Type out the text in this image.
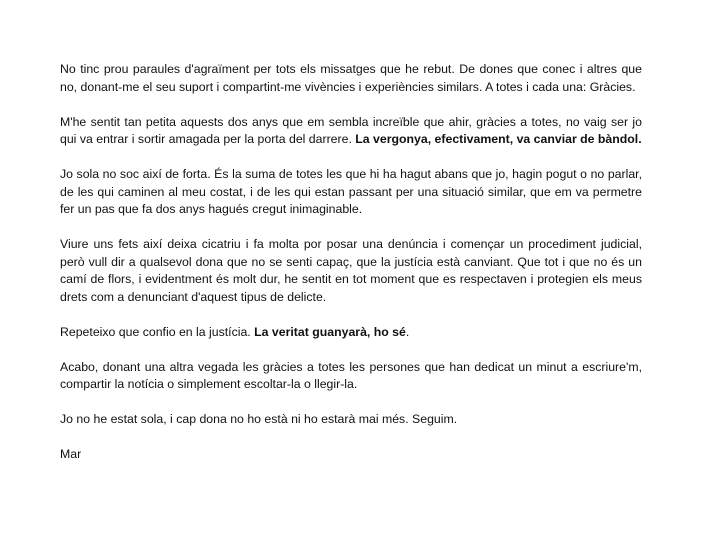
No tinc prou paraules d'agraïment per tots els missatges que he rebut. De dones que conec i altres que no, donant-me el seu suport i compartint-me vivències i experiències similars. A totes i cada una: Gràcies.

M'he sentit tan petita aquests dos anys que em sembla increïble que ahir, gràcies a totes, no vaig ser jo qui va entrar i sortir amagada per la porta del darrere. La vergonya, efectivament, va canviar de bàndol.

Jo sola no soc així de forta. És la suma de totes les que hi ha hagut abans que jo, hagin pogut o no parlar, de les qui caminen al meu costat, i de les qui estan passant per una situació similar, que em va permetre fer un pas que fa dos anys hagués cregut inimaginable.

Viure uns fets així deixa cicatriu i fa molta por posar una denúncia i començar un procediment judicial, però vull dir a qualsevol dona que no se senti capaç, que la justícia està canviant. Que tot i que no és un camí de flors, i evidentment és molt dur, he sentit en tot moment que es respectaven i protegien els meus drets com a denunciant d'aquest tipus de delicte.

Repeteixo que confio en la justícia. La veritat guanyarà, ho sé.

Acabo, donant una altra vegada les gràcies a totes les persones que han dedicat un minut a escriure'm, compartir la notícia o simplement escoltar-la o llegir-la.

Jo no he estat sola, i cap dona no ho està ni ho estarà mai més. Seguim.

Mar
